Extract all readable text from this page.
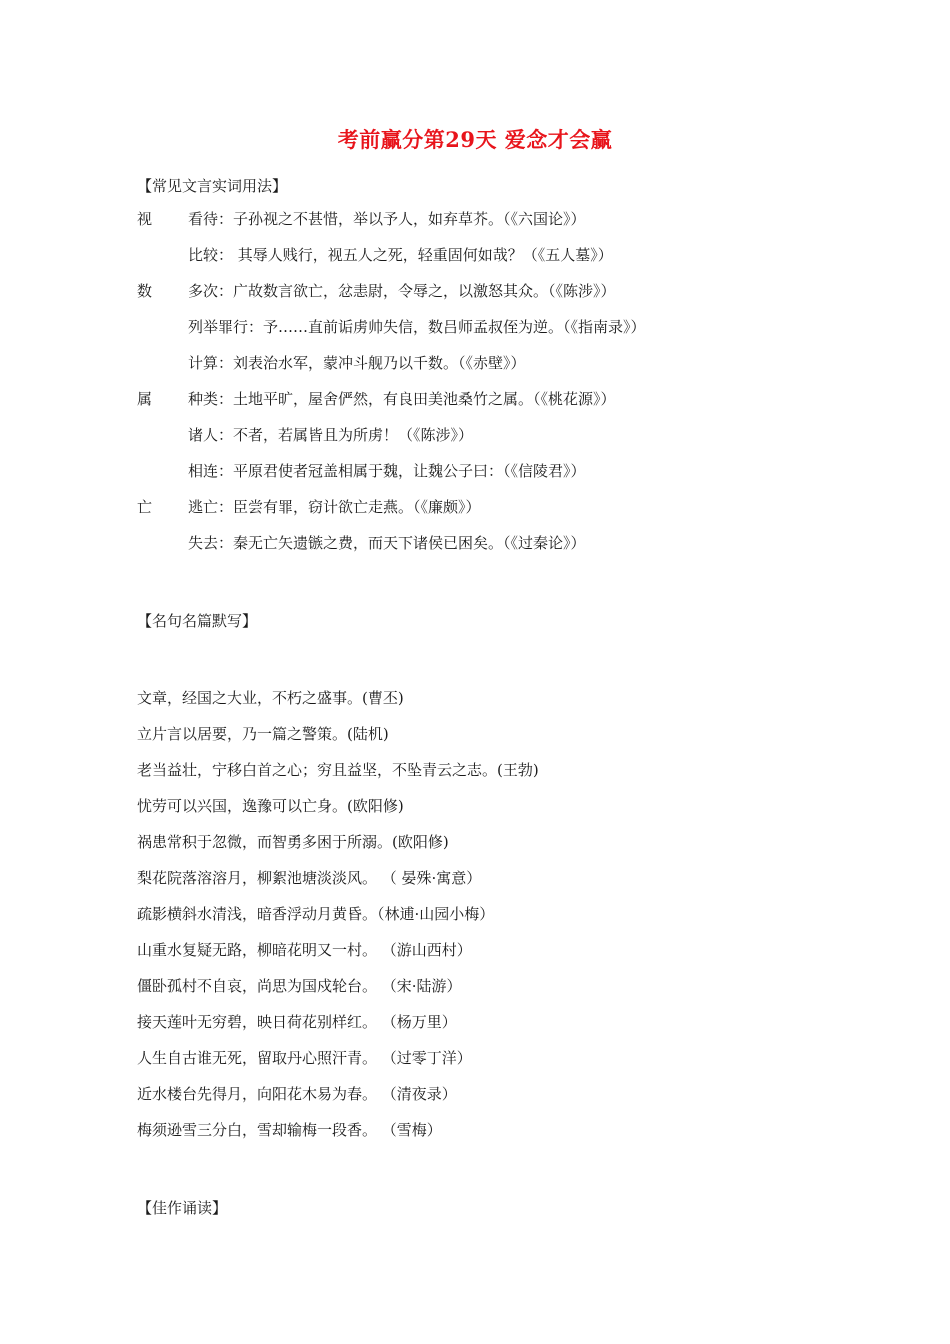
考前赢分第29天 爱念才会赢
【常见文言实词用法】
视 看待：子孙视之不甚惜，举以予人，如弃草芥。（《六国论》）
比较： 其辱人贱行，视五人之死，轻重固何如哉？（《五人墓》）
数 多次：广故数言欲亡，忿恚尉，令辱之，以激怒其众。（《陈涉》）
列举罪行：予……直前诟虏帅失信，数吕师孟叔侄为逆。（《指南录》）
计算：刘表治水军，蒙冲斗舰乃以千数。（《赤壁》）
属 种类：土地平旷，屋舍俨然，有良田美池桑竹之属。（《桃花源》）
诸人：不者，若属皆且为所虏！（《陈涉》）
相连：平原君使者冠盖相属于魏，让魏公子曰：（《信陵君》）
亡 逃亡：臣尝有罪，窃计欲亡走燕。（《廉颇》）
失去：秦无亡矢遗镞之费，而天下诸侯已困矣。（《过秦论》）
【名句名篇默写】
文章，经国之大业，不朽之盛事。(曹丕)
立片言以居要，乃一篇之警策。(陆机)
老当益壮，宁移白首之心；穷且益坚，不坠青云之志。(王勃)
忧劳可以兴国，逸豫可以亡身。(欧阳修)
祸患常积于忽微，而智勇多困于所溺。(欧阳修)
梨花院落溶溶月，柳絮池塘淡淡风。 （ 晏殊·寓意）
疏影横斜水清浅，暗香浮动月黄昏。（林逋·山园小梅）
山重水复疑无路，柳暗花明又一村。 （游山西村）
僵卧孤村不自哀，尚思为国戍轮台。 （宋·陆游）
接天莲叶无穷碧，映日荷花别样红。 （杨万里）
人生自古谁无死，留取丹心照汗青。 （过零丁洋）
近水楼台先得月，向阳花木易为春。 （清夜录）
梅须逊雪三分白，雪却输梅一段香。 （雪梅）
【佳作诵读】
